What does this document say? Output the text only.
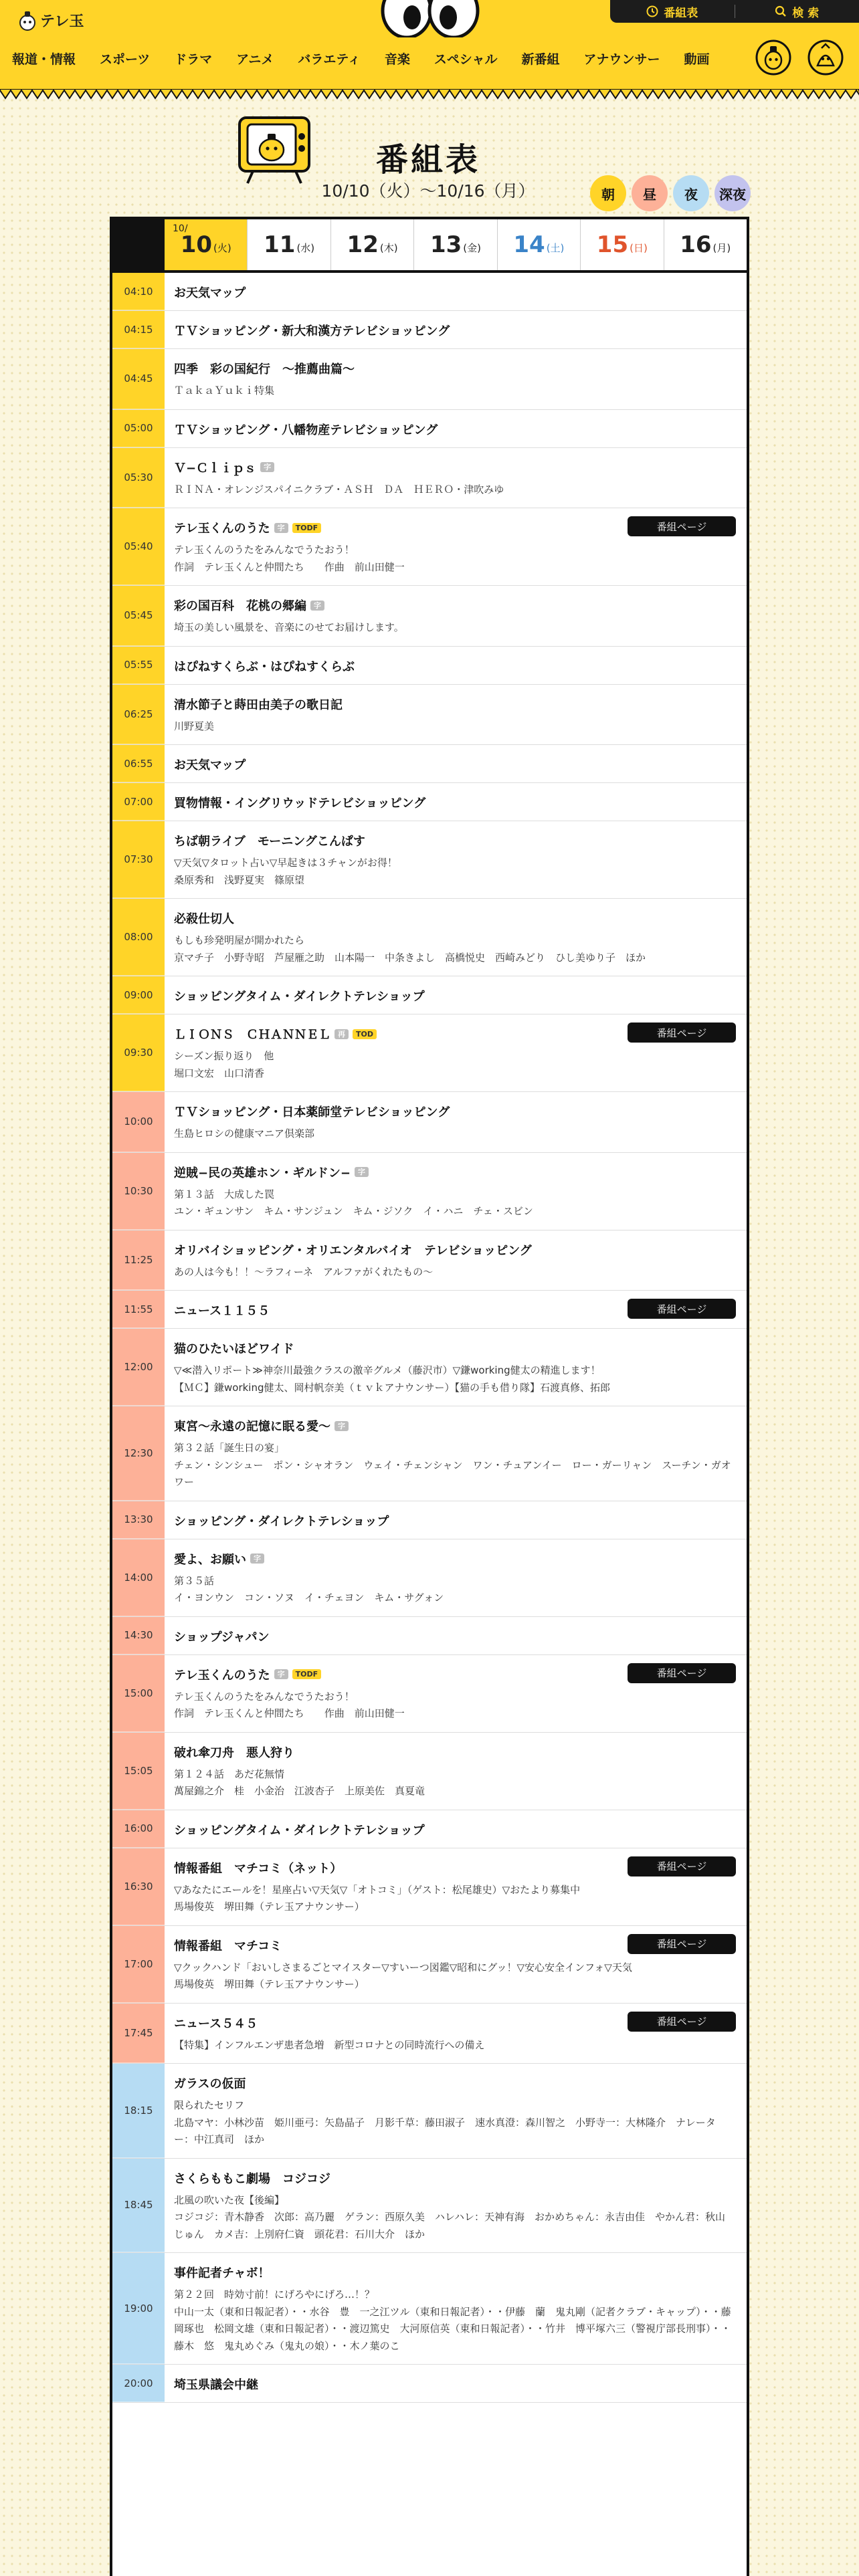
テレ玉	番組表	検 索
報道・情報 スポーツ ドラマ アニメ バラエティ 音楽 スペシャル 新番組 アナウンサー 動画
番組表
10/10（火）〜10/16（月）	朝	昼	夜	深夜
10/
10 (火) 11 (水) 12 (木) 13 (金) 14 (土) 15 (日) 16 (月)
04:10	お天気マップ
04:15	ＴＶショッピング・新大和漢方テレビショッピング
04:45
四季　彩の国紀行　〜推薦曲篇〜
ＴａｋａＹｕｋｉ特集
05:00	ＴＶショッピング・八幡物産テレビショッピング
05:30
Ｖ−Ｃｌｉｐｓ	字
ＲＩＮＡ・オレンジスパイニクラブ・ＡＳＨ　ＤＡ　ＨＥＲＯ・津吹みゆ
05:40
テレ玉くんのうた	字	TODF
テレ玉くんのうたをみんなでうたおう！
作詞　テレ玉くんと仲間たち　　作曲　前山田健一
番組ページ
05:45
彩の国百科　花桃の郷編	字
埼玉の美しい風景を、音楽にのせてお届けします。
05:55	はぴねすくらぶ・はぴねすくらぶ
06:25
清水節子と蒔田由美子の歌日記
川野夏美
06:55	お天気マップ
07:00	買物情報・イングリウッドテレビショッピング
07:30
ちば朝ライブ　モーニングこんぱす
▽天気▽タロット占い▽早起きは３チャンがお得！
桑原秀和　浅野夏実　篠原望
08:00
必殺仕切人
もしも珍発明屋が開かれたら
京マチ子　小野寺昭　芦屋雁之助　山本陽一　中条きよし　高橋悦史　西崎みどり　ひし美ゆり子　ほか
09:00	ショッピングタイム・ダイレクトテレショップ
09:30
ＬＩＯＮＳ　ＣＨＡＮＮＥＬ	再	TOD
シーズン振り返り　他
堀口文宏　山口清香
番組ページ
10:00
ＴＶショッピング・日本薬師堂テレビショッピング
生島ヒロシの健康マニア倶楽部
10:30
逆賊−民の英雄ホン・ギルドン−	字
第１３話　大成した罠
ユン・ギュンサン　キム・サンジュン　キム・ジソク　イ・ハニ　チェ・スビン
11:25
オリバイショッピング・オリエンタルバイオ　テレビショッピング
あの人は今も！！〜ラフィーネ　アルファがくれたもの〜
11:55	ニュース１１５５	番組ページ
12:00
猫のひたいほどワイド
▽≪潜入リポート≫神奈川最強クラスの激辛グルメ（藤沢市）▽鎌working健太の精進します！
【ＭＣ】鎌working健太、岡村帆奈美（ｔｖｋアナウンサー）【猫の手も借り隊】石渡真修、拓郎
12:30
東宮〜永遠の記憶に眠る愛〜	字
第３２話「誕生日の宴」
チェン・シンシュー　ポン・シャオラン　ウェイ・チェンシャン　ワン・チュアンイー　ロー・ガーリャン　スーチン・ガオワー
13:30	ショッピング・ダイレクトテレショップ
14:00
愛よ、お願い	字
第３５話
イ・ヨンウン　コン・ソヌ　イ・チェヨン　キム・サグォン
14:30	ショップジャパン
15:00
テレ玉くんのうた	字	TODF
テレ玉くんのうたをみんなでうたおう！
作詞　テレ玉くんと仲間たち　　作曲　前山田健一
番組ページ
15:05
破れ傘刀舟　悪人狩り
第１２４話　あだ花無情
萬屋錦之介　桂　小金治　江波杏子　上原美佐　真夏竜
16:00	ショッピングタイム・ダイレクトテレショップ
16:30
情報番組　マチコミ（ネット）
▽あなたにエールを！星座占い▽天気▽「オトコミ」（ゲスト：松尾雄史）▽おたより募集中
馬場俊英　堺田舞（テレ玉アナウンサー）
番組ページ
17:00
情報番組　マチコミ
▽クックハンド「おいしさまるごとマイスター▽すいーつ図鑑▽昭和にグッ！▽安心安全インフォ▽天気
馬場俊英　堺田舞（テレ玉アナウンサー）
番組ページ
17:45
ニュース５４５
【特集】インフルエンザ患者急増　新型コロナとの同時流行への備え
番組ページ
18:15
ガラスの仮面
限られたセリフ
北島マヤ：小林沙苗　姫川亜弓：矢島晶子　月影千草：藤田淑子　速水真澄：森川智之　小野寺一：大林隆介　ナレーター：中江真司　ほか
18:45
さくらももこ劇場　コジコジ
北風の吹いた夜【後編】
コジコジ：青木静香　次郎：高乃麗　ゲラン：西原久美　ハレハレ：天神有海　おかめちゃん：永吉由佳　やかん君：秋山じゅん　カメ吉：上別府仁資　頭花君：石川大介　ほか
19:00
事件記者チャボ！
第２２回　時効寸前！にげろやにげろ…！？
中山一太（東和日報記者）・・水谷　豊　一之江ツル（東和日報記者）・・伊藤　蘭　鬼丸剛（記者クラブ・キャップ）・・藤岡琢也　松岡文雄（東和日報記者）・・渡辺篤史　大河原信英（東和日報記者）・・竹井　博平塚六三（警視庁部長刑事）・・藤木　悠　鬼丸めぐみ（鬼丸の娘）・・木ノ葉のこ
20:00	埼玉県議会中継
